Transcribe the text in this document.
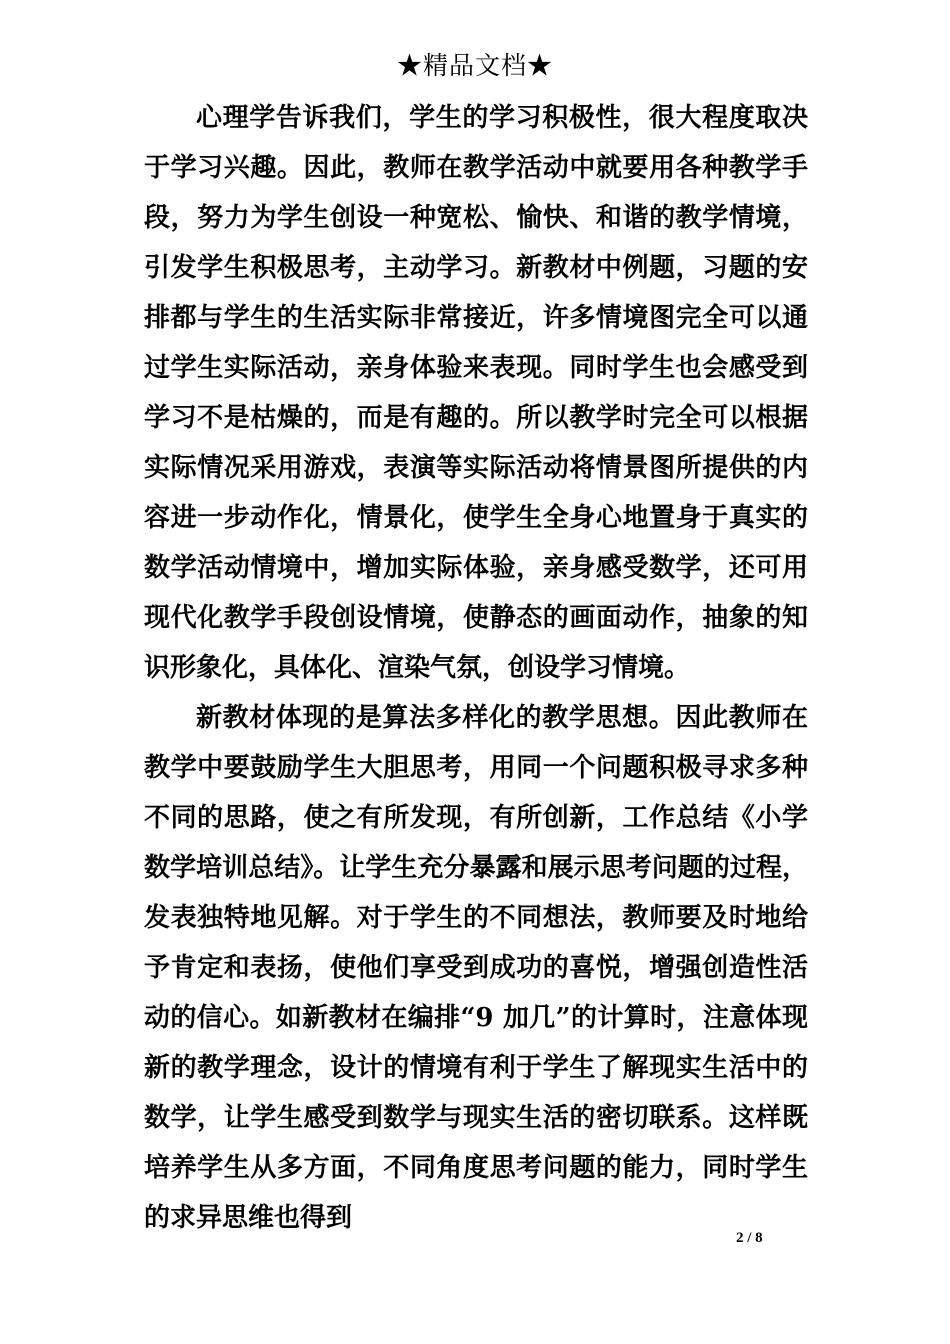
★精品文档★

心理学告诉我们，学生的学习积极性，很大程度取决于学习兴趣。因此，教师在教学活动中就要用各种教学手段，努力为学生创设一种宽松、愉快、和谐的教学情境，引发学生积极思考，主动学习。新教材中例题，习题的安排都与学生的生活实际非常接近，许多情境图完全可以通过学生实际活动，亲身体验来表现。同时学生也会感受到学习不是枯燥的，而是有趣的。所以教学时完全可以根据实际情况采用游戏，表演等实际活动将情景图所提供的内容进一步动作化，情景化，使学生全身心地置身于真实的数学活动情境中，增加实际体验，亲身感受数学，还可用现代化教学手段创设情境，使静态的画面动作，抽象的知识形象化，具体化、渲染气氛，创设学习情境。

新教材体现的是算法多样化的教学思想。因此教师在教学中要鼓励学生大胆思考，用同一个问题积极寻求多种不同的思路，使之有所发现，有所创新，工作总结《小学数学培训总结》。让学生充分暴露和展示思考问题的过程，发表独特地见解。对于学生的不同想法，教师要及时地给予肯定和表扬，使他们享受到成功的喜悦，增强创造性活动的信心。如新教材在编排“9 加几”的计算时，注意体现新的教学理念，设计的情境有利于学生了解现实生活中的数学，让学生感受到数学与现实生活的密切联系。这样既培养学生从多方面，不同角度思考问题的能力，同时学生的求异思维也得到

2 / 8
